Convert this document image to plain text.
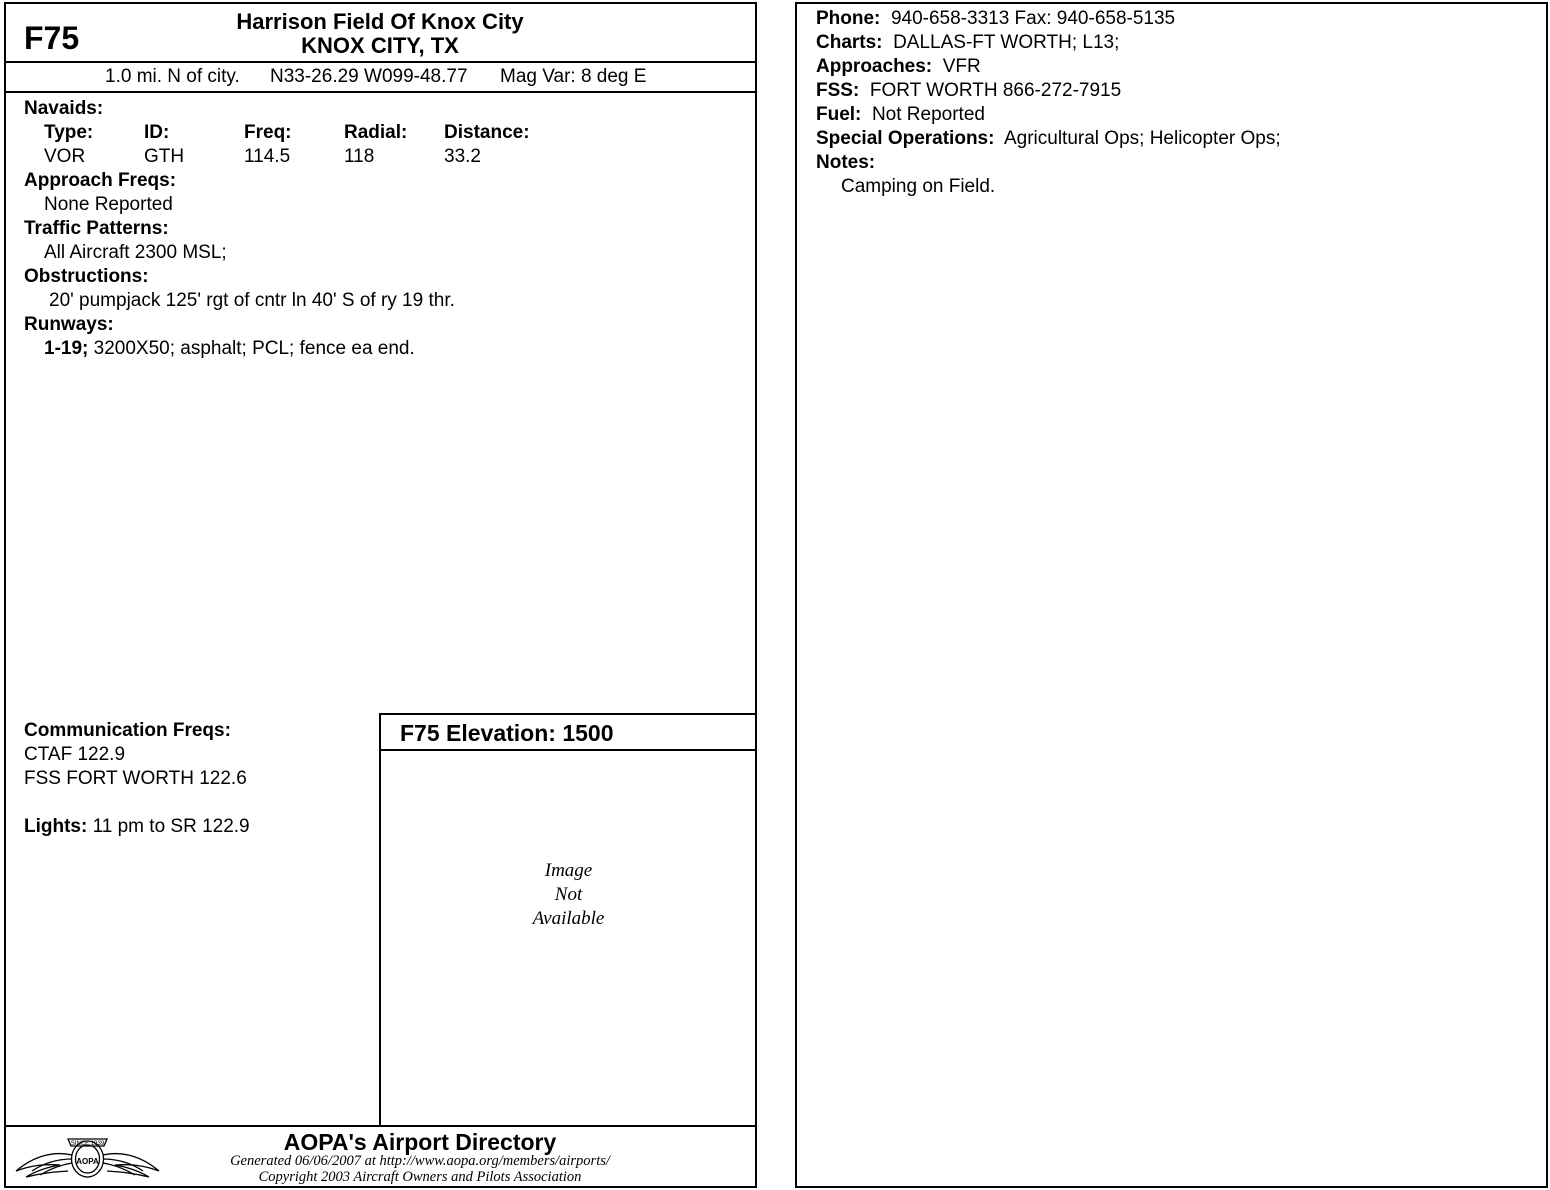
F75	Harrison Field Of Knox City
KNOX CITY, TX
1.0 mi. N of city. N33-26.29 W099-48.77 Mag Var: 8 deg E
Navaids:
Type:	ID:	Freq:	Radial: Distance:
VOR	GTH	114.5	118	33.2
Approach Freqs:
None Reported
Traffic Patterns:
All Aircraft 2300 MSL;
Obstructions:
20' pumpjack 125' rgt of cntr ln 40' S of ry 19 thr.
Runways:
1-19; 3200X50; asphalt; PCL; fence ea end.
F75 Elevation: 1500
Image
Not
Available
Communication Freqs:
CTAF 122.9
FSS FORT WORTH 122.6
Lights: 11 pm to SR 122.9
SINCE 1939
AOPA
AOPA's Airport Directory
Generated 06/06/2007 at http://www.aopa.org/members/airports/
Copyright 2003 Aircraft Owners and Pilots Association
Phone: 940-658-3313 Fax: 940-658-5135
Charts: DALLAS-FT WORTH; L13;
Approaches: VFR
FSS: FORT WORTH 866-272-7915
Fuel: Not Reported
Special Operations: Agricultural Ops; Helicopter Ops;
Notes:
Camping on Field.
